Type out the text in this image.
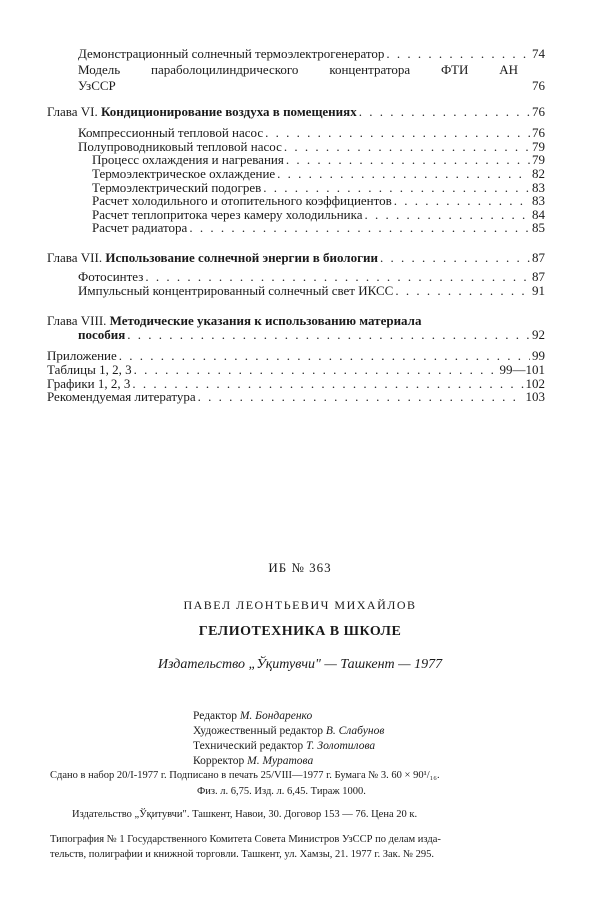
Демонстрационный солнечный термоэлектрогенератор . . .	74
Модель параболоцилиндрического концентратора ФТИ АН
УзССР	76
Глава VI. Кондиционирование воздуха в помещениях . . .	76
Компрессионный тепловой насос . . .	76
Полупроводниковый тепловой насос . . .	79
Процесс охлаждения и нагревания . . .	79
Термоэлектрическое охлаждение . . .	82
Термоэлектрический подогрев . . .	83
Расчет холодильного и отопительного коэффициентов . . .	83
Расчет теплопритока через камеру холодильника . . .	84
Расчет радиатора . . .	85
Глава VII. Использование солнечной энергии в биологии . . .	87
Фотосинтез . . .	87
Импульсный концентрированный солнечный свет ИКСС . . .	91
Глава VIII. Методические указания к использованию материала
пособия . . .	92
Приложение . . .	99
Таблицы 1, 2, 3 . . .	99—101
Графики 1, 2, 3 . . .	102
Рекомендуемая литература . . .	103
ИБ № 363
ПАВЕЛ ЛЕОНТЬЕВИЧ МИХАЙЛОВ
ГЕЛИОТЕХНИКА В ШКОЛЕ
Издательство „Ўқитувчи" — Ташкент — 1977
Редактор М. Бондаренко
Художественный редактор В. Слабунов
Технический редактор Т. Золотилова
Корректор М. Муратова
Сдано в набор 20/I-1977 г. Подписано в печать 25/VIII—1977 г. Бумага № 3. 60 × 90¹/₁₆.
Физ. л. 6,75. Изд. л. 6,45. Тираж 1000.
Издательство „Ўқитувчи". Ташкент, Навои, 30. Договор 153 — 76. Цена 20 к.
Типография № 1 Государственного Комитета Совета Министров УзССР по делам изда-
тельств, полиграфии и книжной торговли. Ташкент, ул. Хамзы, 21. 1977 г. Зак. № 295.
